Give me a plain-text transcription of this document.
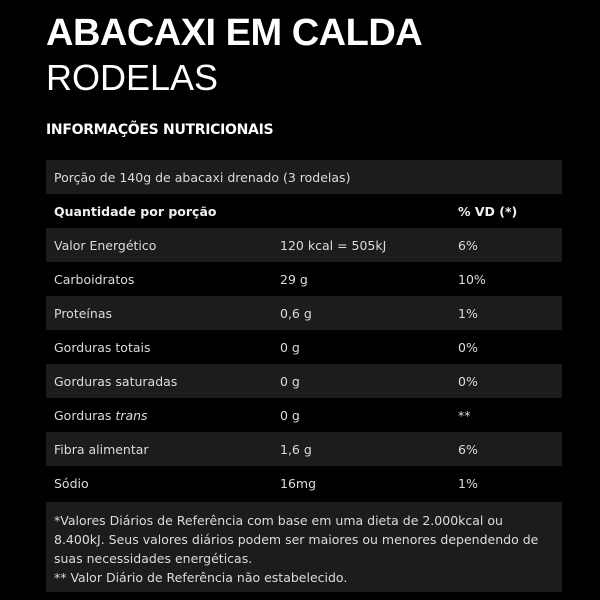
ABACAXI EM CALDA
RODELAS
INFORMAÇÕES NUTRICIONAIS
Porção de 140g de abacaxi drenado (3 rodelas)		
Quantidade por porção		% VD (*)
Valor Energético	120 kcal = 505kJ	6%
Carboidratos	29 g	10%
Proteínas	0,6 g	1%
Gorduras totais	0 g	0%
Gorduras saturadas	0 g	0%
Gorduras trans	0 g	**
Fibra alimentar	1,6 g	6%
Sódio	16mg	1%

*Valores Diários de Referência com base em uma dieta de 2.000kcal ou 8.400kJ. Seus valores diários podem ser maiores ou menores dependendo de suas necessidades energéticas.

** Valor Diário de Referência não estabelecido.
